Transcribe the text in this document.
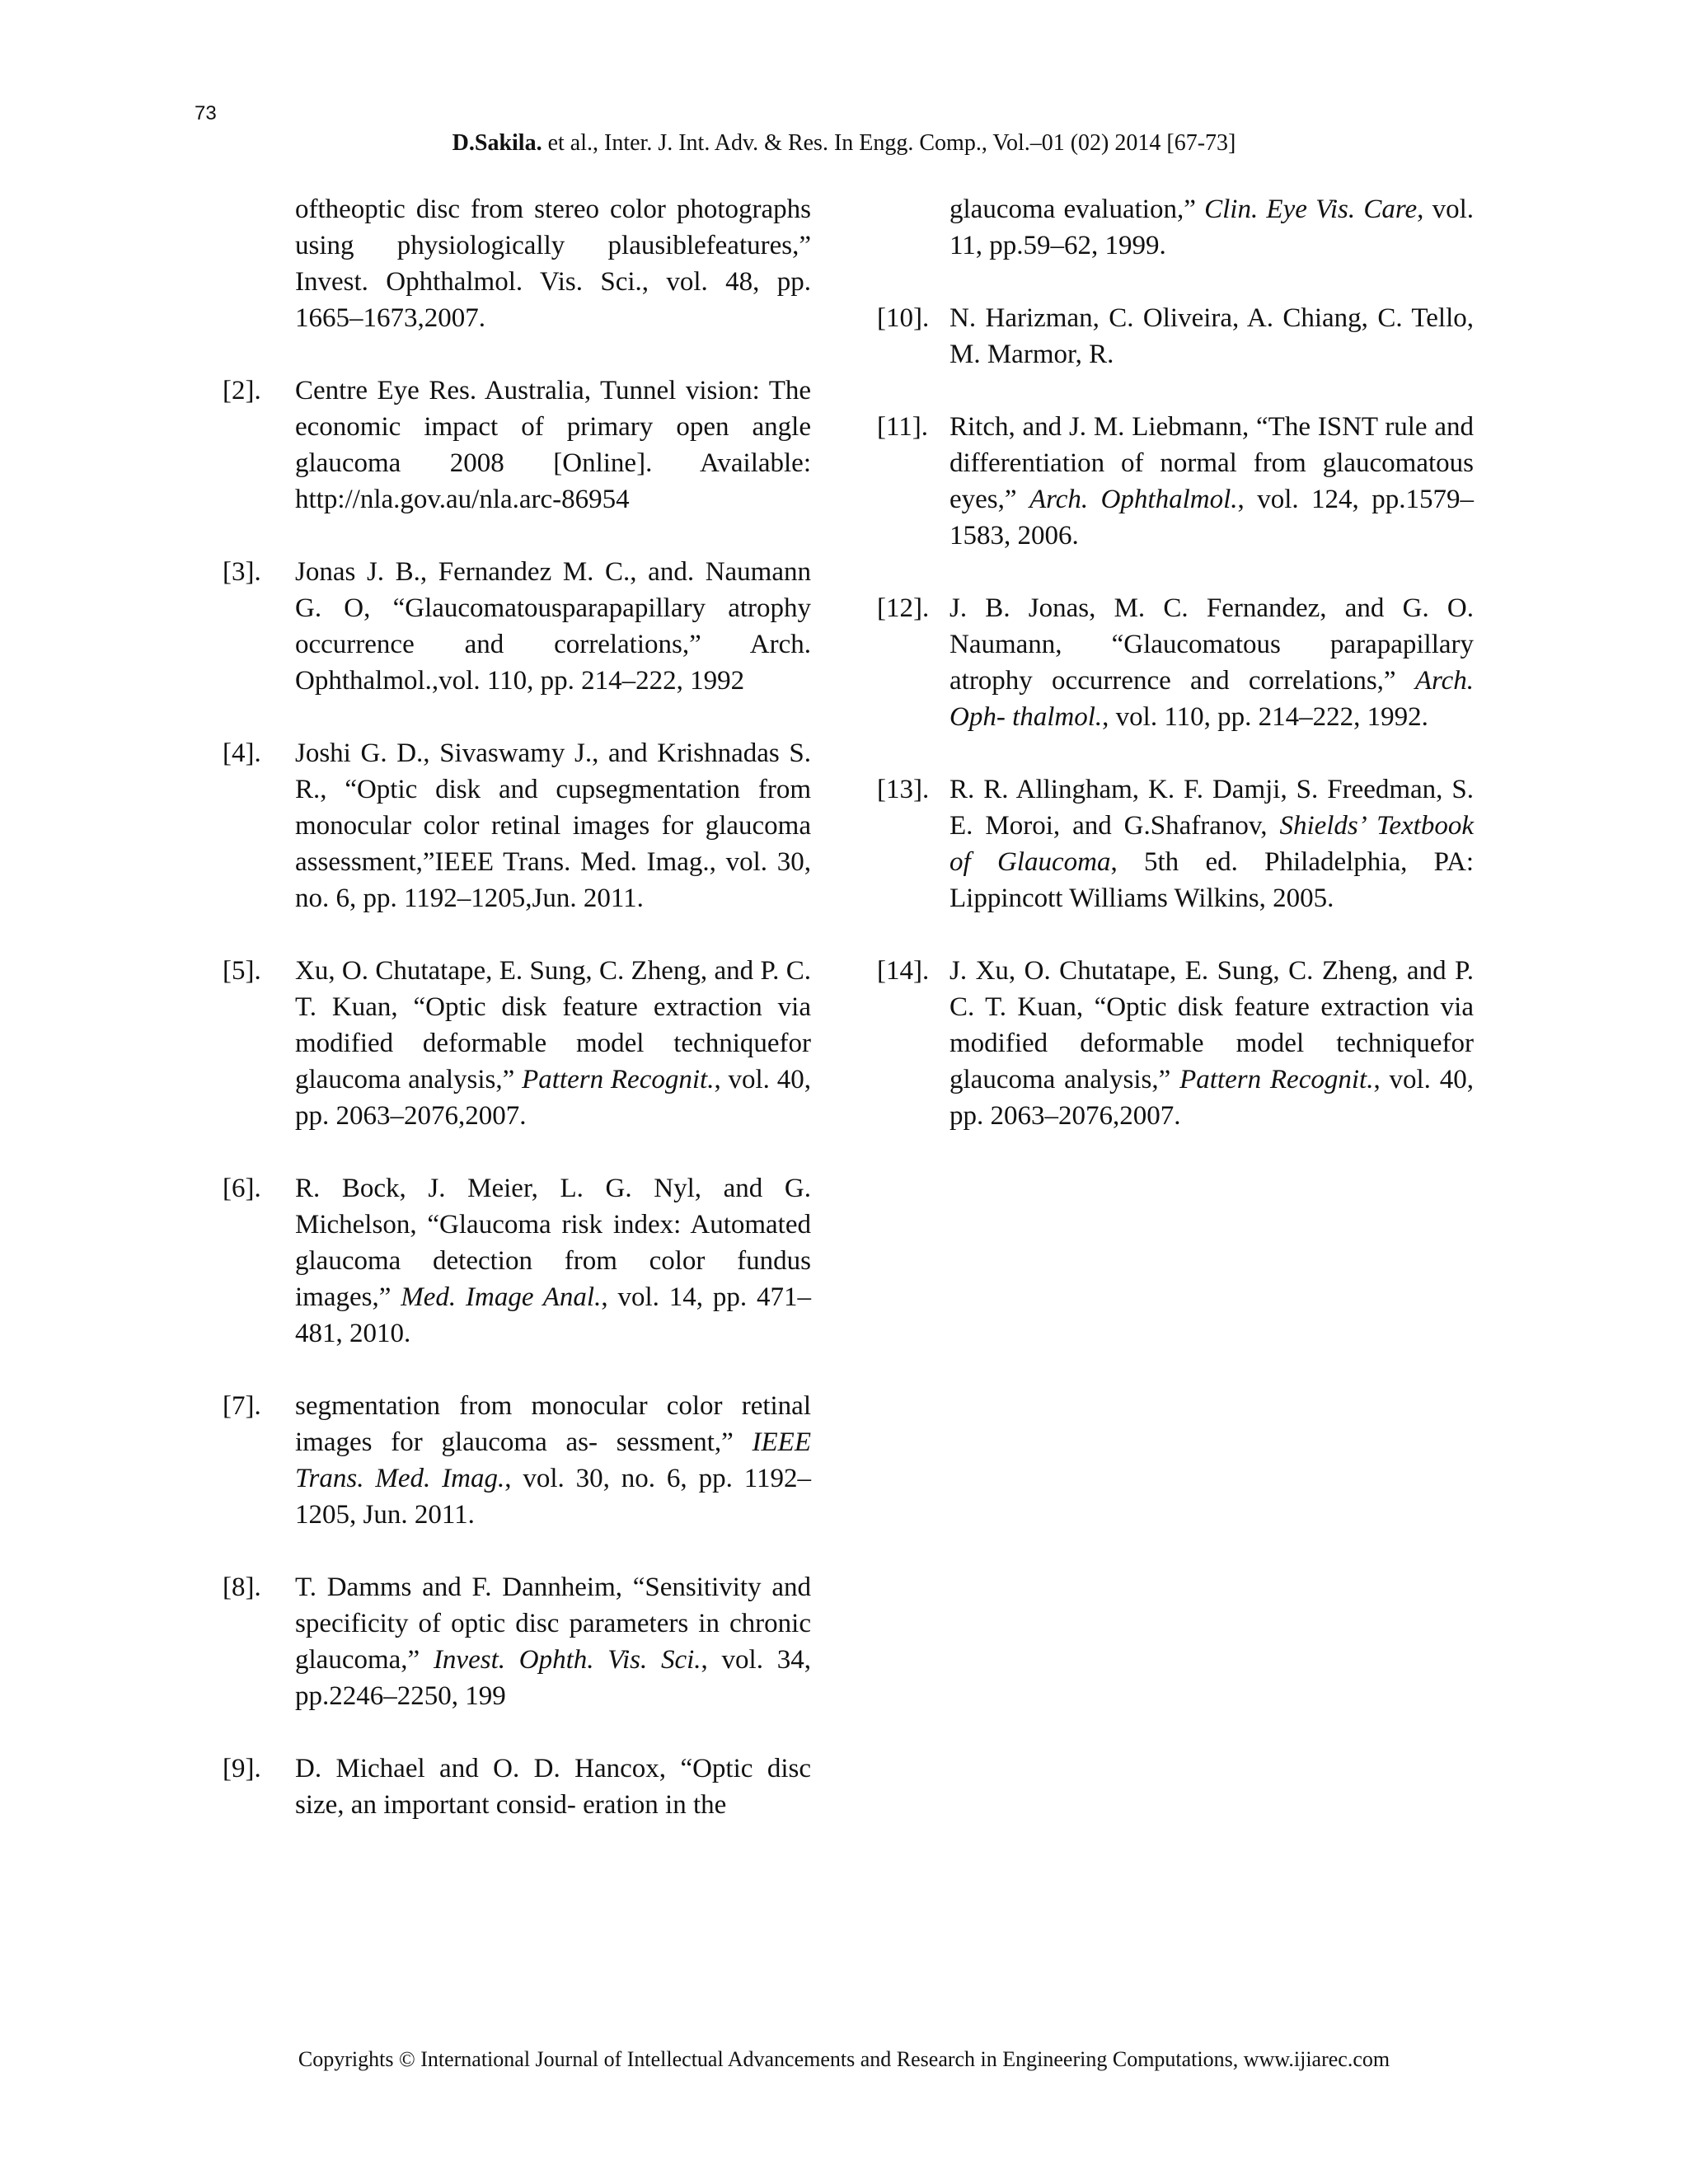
73
D.Sakila. et al., Inter. J. Int. Adv. & Res. In Engg. Comp., Vol.–01 (02) 2014 [67-73]
oftheoptic disc from stereo color photographs using physiologically plausiblefeatures,” Invest. Ophthalmol. Vis. Sci., vol. 48, pp. 1665–1673,2007.
[2]. Centre Eye Res. Australia, Tunnel vision: The economic impact of primary open angle glaucoma 2008 [Online]. Available: http://nla.gov.au/nla.arc-86954
[3]. Jonas J. B., Fernandez M. C., and. Naumann G. O, “Glaucomatousparapapillary atrophy occurrence and correlations,” Arch. Ophthalmol.,vol. 110, pp. 214–222, 1992
[4]. Joshi G. D., Sivaswamy J., and Krishnadas S. R., “Optic disk and cupsegmentation from monocular color retinal images for glaucoma assessment,”IEEE Trans. Med. Imag., vol. 30, no. 6, pp. 1192–1205,Jun. 2011.
[5]. Xu, O. Chutatape, E. Sung, C. Zheng, and P. C. T. Kuan, “Optic disk feature extraction via modified deformable model techniquefor glaucoma analysis,” Pattern Recognit., vol. 40, pp. 2063–2076,2007.
[6]. R. Bock, J. Meier, L. G. Nyl, and G. Michelson, “Glaucoma risk index: Automated glaucoma detection from color fundus images,” Med. Image Anal., vol. 14, pp. 471–481, 2010.
[7]. segmentation from monocular color retinal images for glaucoma as- sessment,” IEEE Trans. Med. Imag., vol. 30, no. 6, pp. 1192–1205, Jun. 2011.
[8]. T. Damms and F. Dannheim, “Sensitivity and specificity of optic disc parameters in chronic glaucoma,” Invest. Ophth. Vis. Sci., vol. 34, pp.2246–2250, 199
[9]. D. Michael and O. D. Hancox, “Optic disc size, an important consid- eration in the
glaucoma evaluation,” Clin. Eye Vis. Care, vol. 11, pp.59–62, 1999.
[10]. N. Harizman, C. Oliveira, A. Chiang, C. Tello, M. Marmor, R.
[11]. Ritch, and J. M. Liebmann, “The ISNT rule and differentiation of normal from glaucomatous eyes,” Arch. Ophthalmol., vol. 124, pp.1579–1583, 2006.
[12]. J. B. Jonas, M. C. Fernandez, and G. O. Naumann, “Glaucomatous parapapillary atrophy occurrence and correlations,” Arch. Oph- thalmol., vol. 110, pp. 214–222, 1992.
[13]. R. R. Allingham, K. F. Damji, S. Freedman, S. E. Moroi, and G.Shafranov, Shields’ Textbook of Glaucoma, 5th ed. Philadelphia, PA: Lippincott Williams Wilkins, 2005.
[14]. J. Xu, O. Chutatape, E. Sung, C. Zheng, and P. C. T. Kuan, “Optic disk feature extraction via modified deformable model techniquefor glaucoma analysis,” Pattern Recognit., vol. 40, pp. 2063–2076,2007.
Copyrights © International Journal of Intellectual Advancements and Research in Engineering Computations, www.ijiarec.com
